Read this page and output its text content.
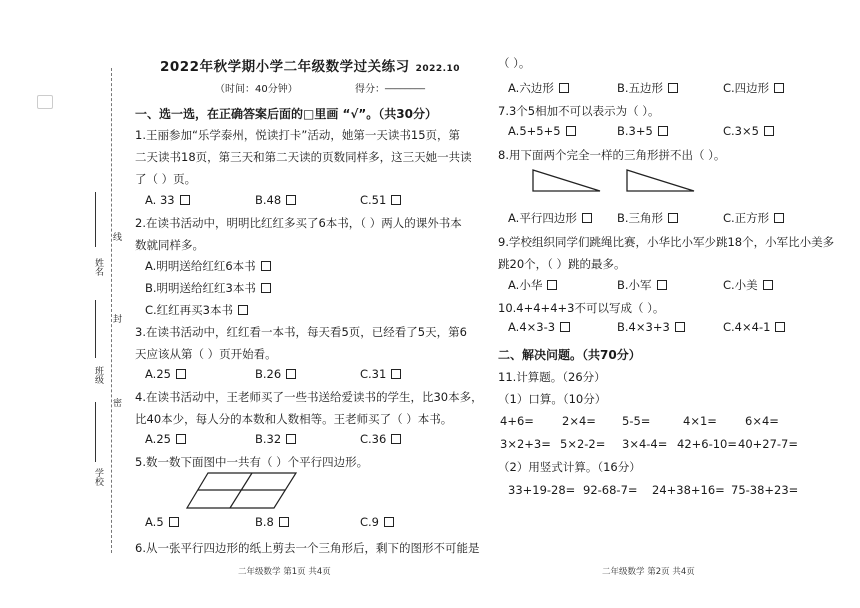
姓名
线
封
班级
密
学校
2022年秋学期小学二年级数学过关练习 2022.10
（时间：40分钟）	得分： ________
一、选一选，在正确答案后面的□里画 “√”。（共30分）
1.王丽参加“乐学泰州，悦读打卡”活动，她第一天读书15页，第
二天读书18页，第三天和第二天读的页数同样多，这三天她一共读
了（ ）页。
A. 33	B.48	C.51
2.在读书活动中，明明比红红多买了6本书，（ ）两人的课外书本
数就同样多。
A.明明送给红红6本书
B.明明送给红红3本书
C.红红再买3本书
3.在读书活动中，红红看一本书，每天看5页，已经看了5天，第6
天应该从第（ ）页开始看。
A.25	B.26	C.31
4.在读书活动中，王老师买了一些书送给爱读书的学生，比30本多，
比40本少，每人分的本数和人数相等。王老师买了（ ）本书。
A.25	B.32	C.36
5.数一数下面图中一共有（ ）个平行四边形。
A.5	B.8	C.9
6.从一张平行四边形的纸上剪去一个三角形后，剩下的图形不可能是
二年级数学 第1页 共4页
（ ）。
A.六边形	B.五边形	C.四边形
7.3个5相加不可以表示为（ ）。
A.5+5+5	B.3+5	C.3×5
8.用下面两个完全一样的三角形拼不出（ ）。
A.平行四边形	B.三角形	C.正方形
9.学校组织同学们跳绳比赛，小华比小军少跳18个，小军比小美多
跳20个，（ ）跳的最多。
A.小华	B.小军	C.小美
10.4+4+4+3不可以写成（ ）。
A.4×3-3	B.4×3+3	C.4×4-1
二、解决问题。（共70分）
11.计算题。（26分）
（1）口算。（10分）
4+6= 2×4= 5-5=	4×1= 6×4=
3×2+3= 5×2-2= 3×4-4= 42+6-10= 40+27-7=
（2）用竖式计算。（16分）
33+19-28= 92-68-7= 24+38+16= 75-38+23=
二年级数学 第2页 共4页
